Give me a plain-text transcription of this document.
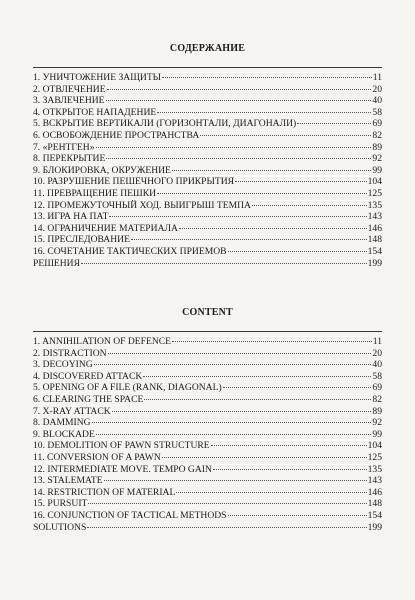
СОДЕРЖАНИЕ
1. УНИЧТОЖЕНИЕ ЗАЩИТЫ	11
2. ОТВЛЕЧЕНИЕ	20
3. ЗАВЛЕЧЕНИЕ	40
4. ОТКРЫТОЕ НАПАДЕНИЕ	58
5. ВСКРЫТИЕ ВЕРТИКАЛИ (ГОРИЗОНТАЛИ, ДИАГОНАЛИ)	69
6. ОСВОБОЖДЕНИЕ ПРОСТРАНСТВА	82
7. «РЕНТГЕН»	89
8. ПЕРЕКРЫТИЕ	92
9. БЛОКИРОВКА, ОКРУЖЕНИЕ	99
10. РАЗРУШЕНИЕ ПЕШЕЧНОГО ПРИКРЫТИЯ	104
11. ПРЕВРАЩЕНИЕ ПЕШКИ	125
12. ПРОМЕЖУТОЧНЫЙ ХОД. ВЫИГРЫШ ТЕМПА	135
13. ИГРА НА ПАТ	143
14. ОГРАНИЧЕНИЕ МАТЕРИАЛА	146
15. ПРЕСЛЕДОВАНИЕ	148
16. СОЧЕТАНИЕ ТАКТИЧЕСКИХ ПРИЕМОВ	154
РЕШЕНИЯ	199
CONTENT
1. ANNIHILATION OF DEFENCE	11
2. DISTRACTION	20
3. DECOYING	40
4. DISCOVERED ATTACK	58
5. OPENING OF A FILE (RANK, DIAGONAL)	69
6. CLEARING THE SPACE	82
7. X-RAY ATTACK	89
8. DAMMING	92
9. BLOCKADE	99
10. DEMOLITION OF PAWN STRUCTURE	104
11. CONVERSION OF A PAWN	125
12. INTERMEDIATE MOVE. TEMPO GAIN	135
13. STALEMATE	143
14. RESTRICTION OF MATERIAL	146
15. PURSUIT	148
16. CONJUNCTION OF TACTICAL METHODS	154
SOLUTIONS	199
